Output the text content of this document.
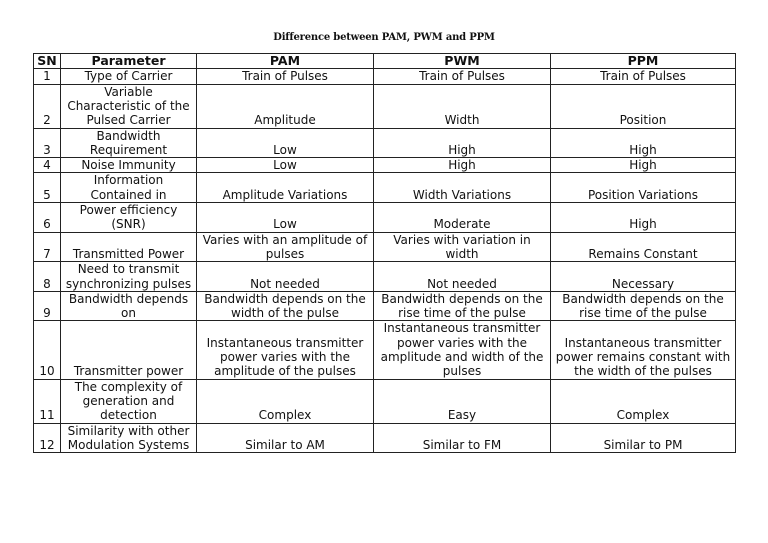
Difference between PAM, PWM and PPM
SN	Parameter	PAM	PWM	PPM
1	Type of Carrier	Train of Pulses	Train of Pulses	Train of Pulses
2	Variable Characteristic of the Pulsed Carrier	Amplitude	Width	Position
3	Bandwidth Requirement	Low	High	High
4	Noise Immunity	Low	High	High
5	Information Contained in	Amplitude Variations	Width Variations	Position Variations
6	Power efficiency (SNR)	Low	Moderate	High
7	Transmitted Power	Varies with an amplitude of pulses	Varies with variation in width	Remains Constant
8	Need to transmit synchronizing pulses	Not needed	Not needed	Necessary
9	Bandwidth depends on	Bandwidth depends on the width of the pulse	Bandwidth depends on the rise time of the pulse	Bandwidth depends on the rise time of the pulse
10	Transmitter power	Instantaneous transmitter power varies with the amplitude of the pulses	Instantaneous transmitter power varies with the amplitude and width of the pulses	Instantaneous transmitter power remains constant with the width of the pulses
11	The complexity of generation and detection	Complex	Easy	Complex
12	Similarity with other Modulation Systems	Similar to AM	Similar to FM	Similar to PM
